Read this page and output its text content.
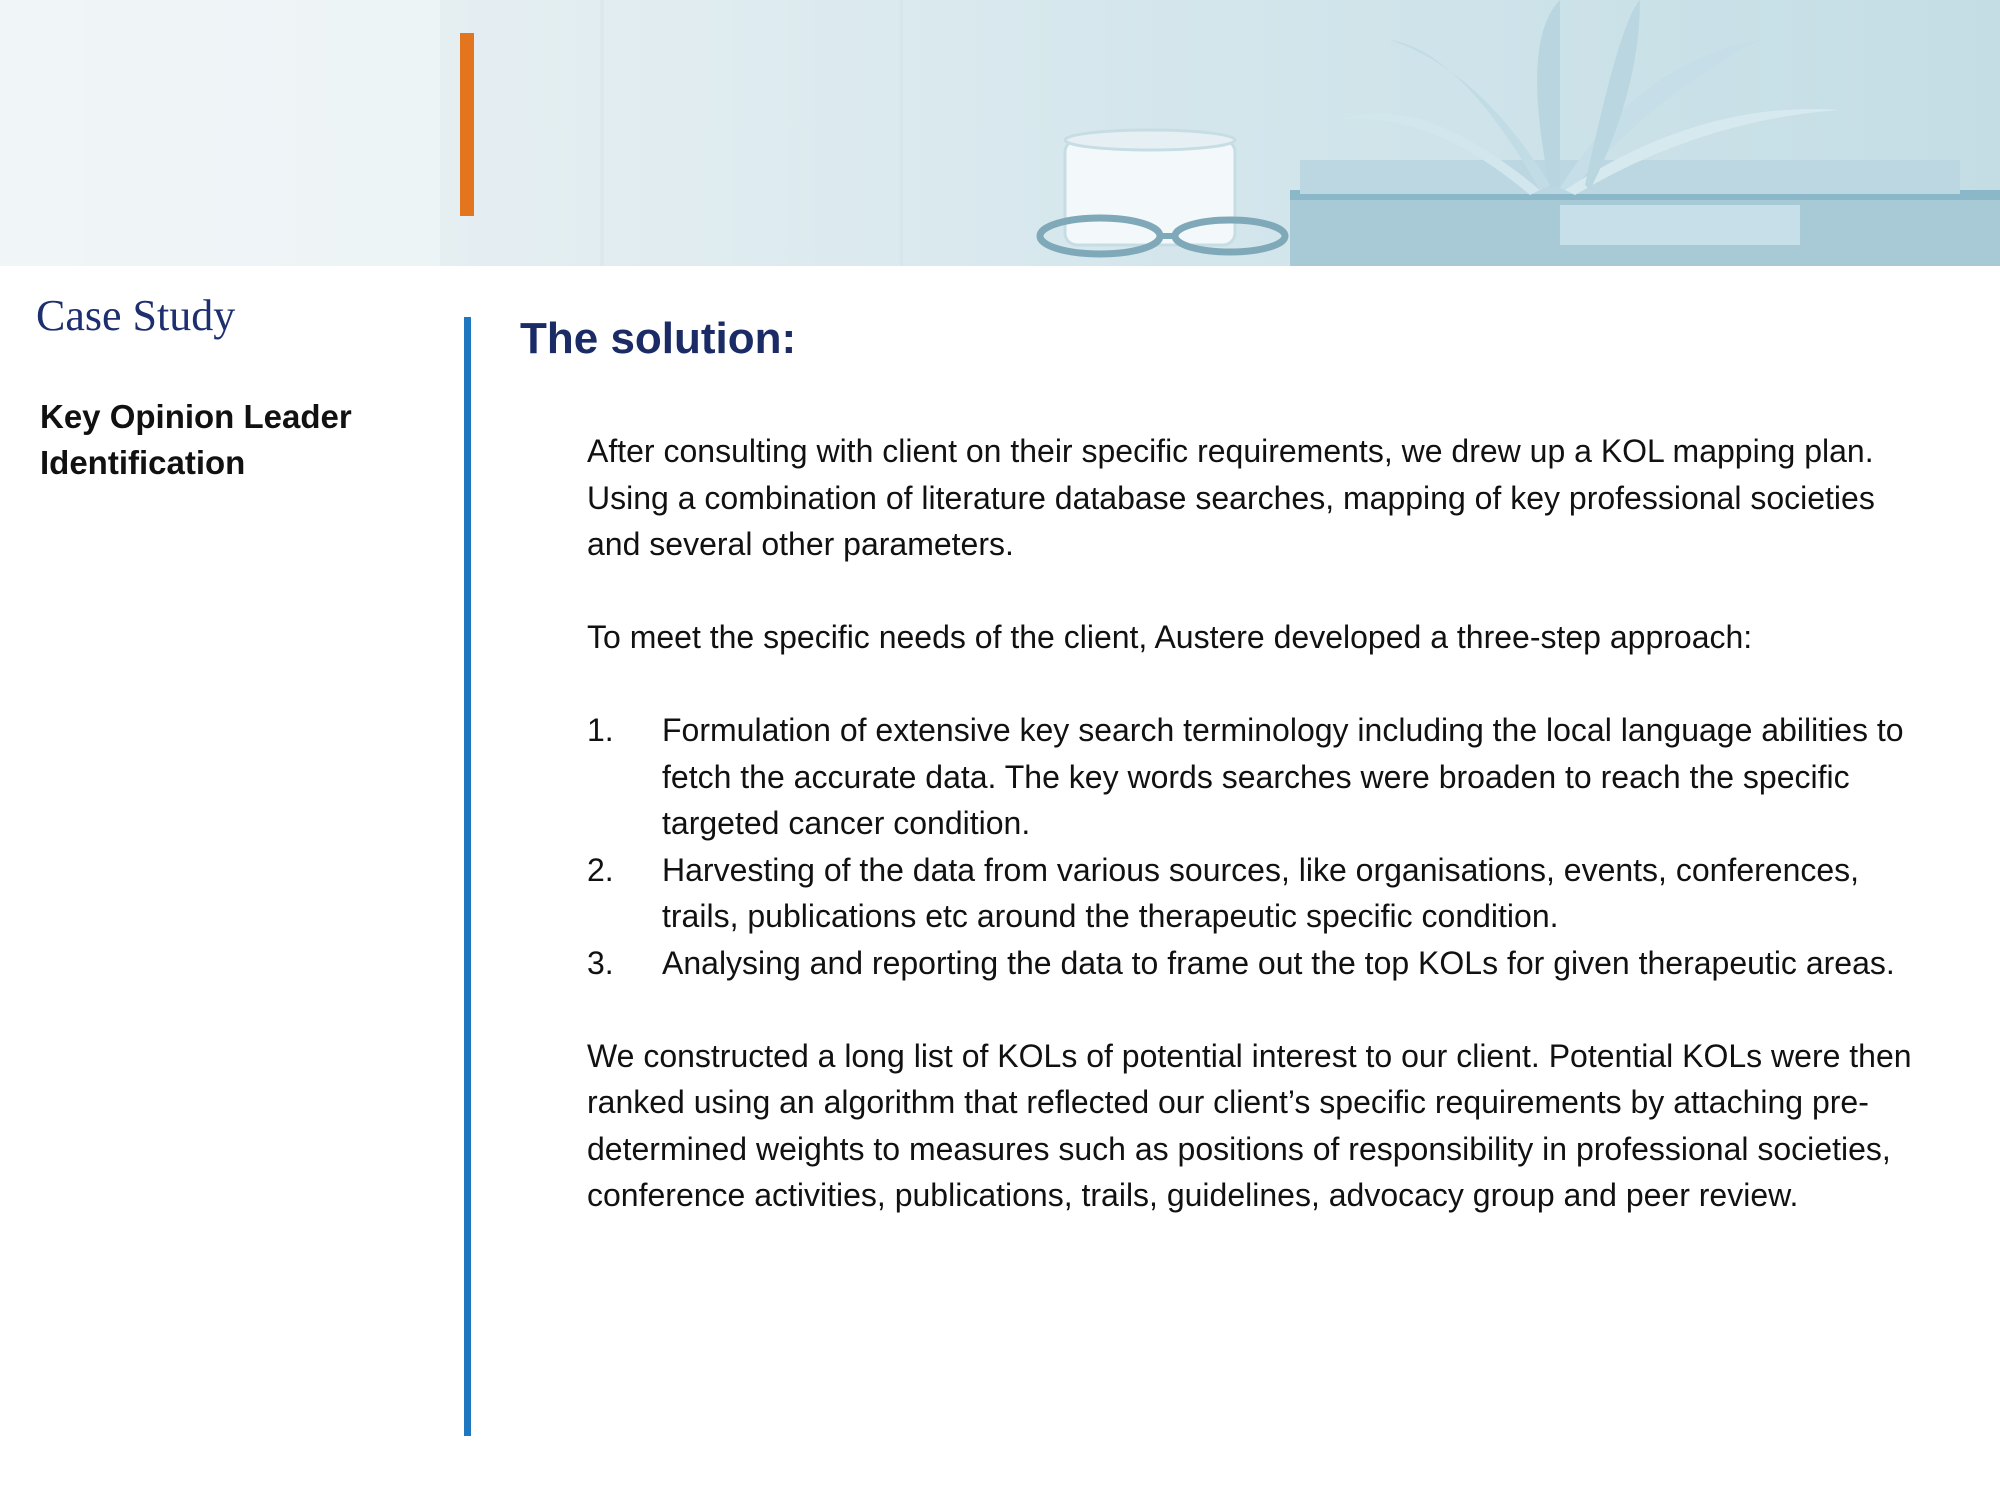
Case Study
Key Opinion Leader Identification
The solution:

After consulting with client on their specific requirements, we drew up a KOL mapping plan. Using a combination of literature database searches, mapping of key professional societies and several other parameters.

To meet the specific needs of the client, Austere developed a three-step approach:

1.	Formulation of extensive key search terminology including the local language abilities to fetch the accurate data. The key words searches were broaden to reach the specific targeted cancer condition.
2.	Harvesting of the data from various sources, like organisations, events, conferences, trails, publications etc around the therapeutic specific condition.
3.	Analysing and reporting the data to frame out the top KOLs for given therapeutic areas.

We constructed a long list of KOLs of potential interest to our client. Potential KOLs were then ranked using an algorithm that reflected our client’s specific requirements by attaching pre-determined weights to measures such as positions of responsibility in professional societies, conference activities, publications, trails, guidelines, advocacy group and peer review.
